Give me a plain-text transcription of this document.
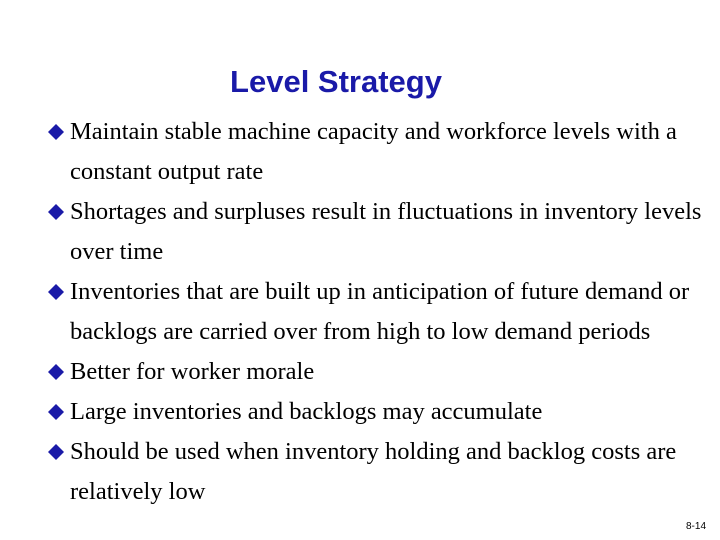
Level Strategy
Maintain stable machine capacity and workforce levels with a constant output rate
Shortages and surpluses result in fluctuations in inventory levels over time
Inventories that are built up in anticipation of future demand or backlogs are carried over from high to low demand periods
Better for worker morale
Large inventories and backlogs may accumulate
Should be used when inventory holding and backlog costs are relatively low
8-14
